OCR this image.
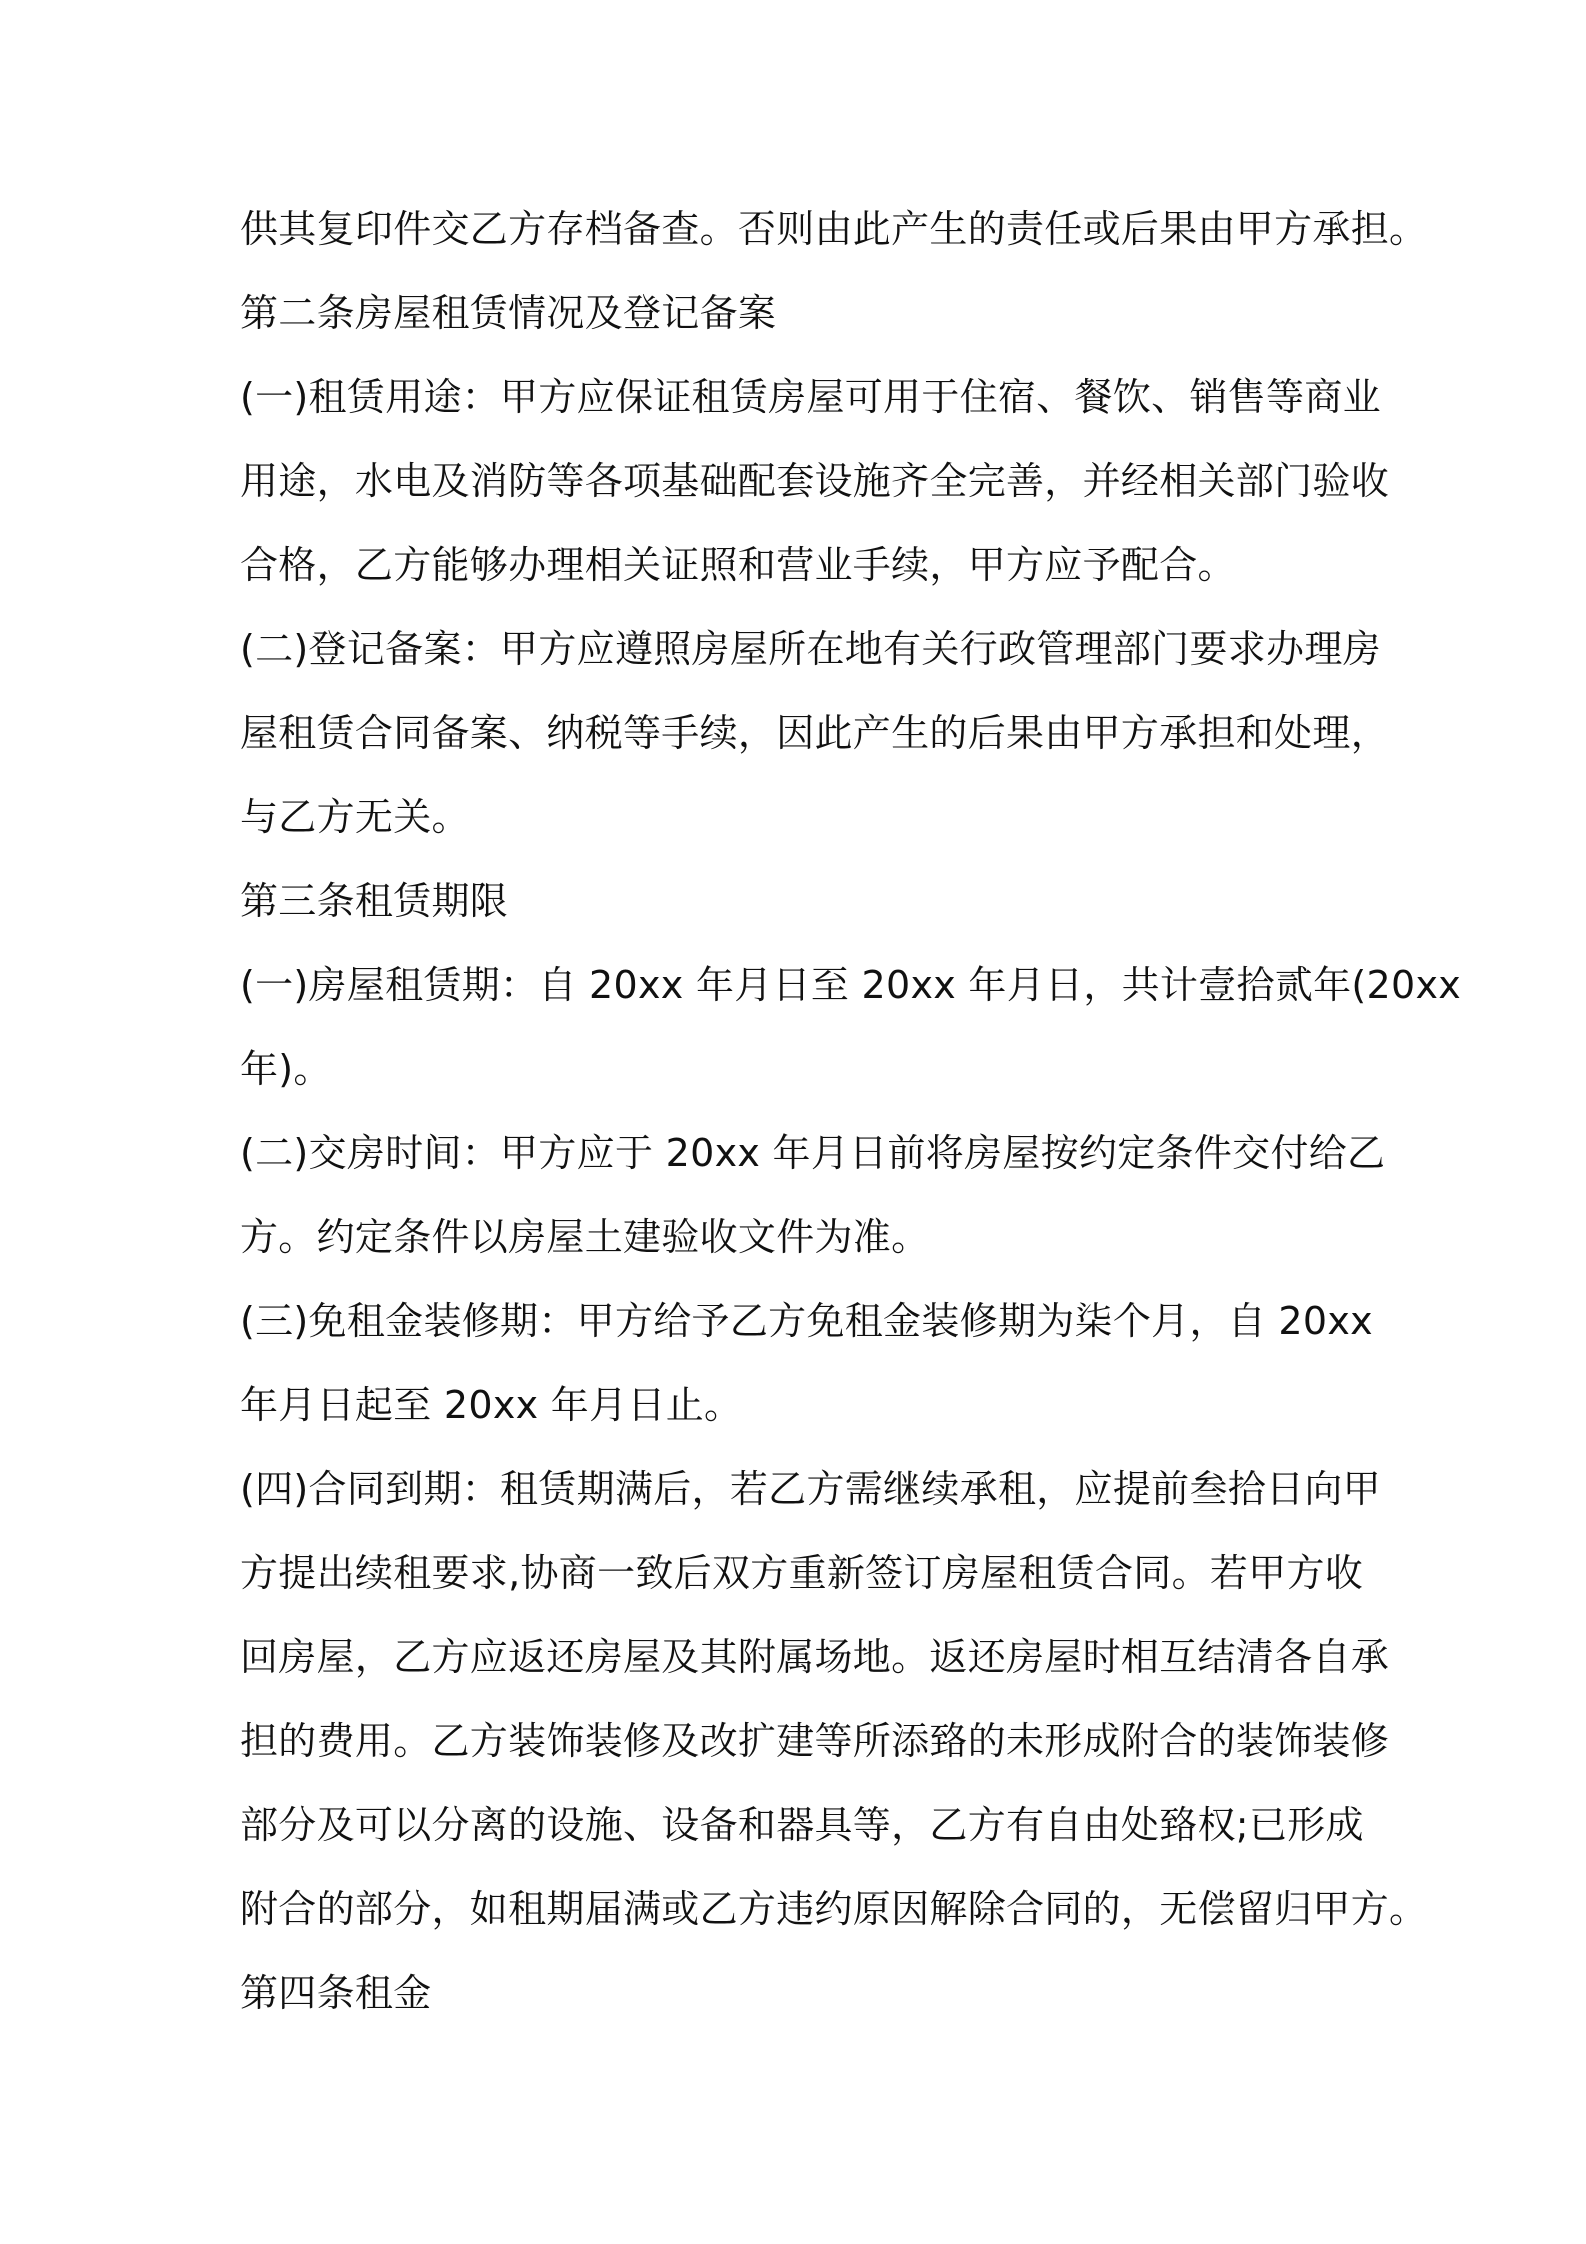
供其复印件交乙方存档备查。否则由此产生的责任或后果由甲方承担。
第二条房屋租赁情况及登记备案
(一)租赁用途：甲方应保证租赁房屋可用于住宿、餐饮、销售等商业
用途，水电及消防等各项基础配套设施齐全完善，并经相关部门验收
合格，乙方能够办理相关证照和营业手续，甲方应予配合。
(二)登记备案：甲方应遵照房屋所在地有关行政管理部门要求办理房
屋租赁合同备案、纳税等手续，因此产生的后果由甲方承担和处理，
与乙方无关。
第三条租赁期限
(一)房屋租赁期：自 20xx 年月日至 20xx 年月日，共计壹拾贰年(20xx
年)。
(二)交房时间：甲方应于 20xx 年月日前将房屋按约定条件交付给乙
方。约定条件以房屋土建验收文件为准。
(三)免租金装修期：甲方给予乙方免租金装修期为柒个月，自 20xx
年月日起至 20xx 年月日止。
(四)合同到期：租赁期满后，若乙方需继续承租，应提前叁拾日向甲
方提出续租要求,协商一致后双方重新签订房屋租赁合同。若甲方收
回房屋，乙方应返还房屋及其附属场地。返还房屋时相互结清各自承
担的费用。乙方装饰装修及改扩建等所添臵的未形成附合的装饰装修
部分及可以分离的设施、设备和器具等，乙方有自由处臵权;已形成
附合的部分，如租期届满或乙方违约原因解除合同的，无偿留归甲方。
第四条租金
